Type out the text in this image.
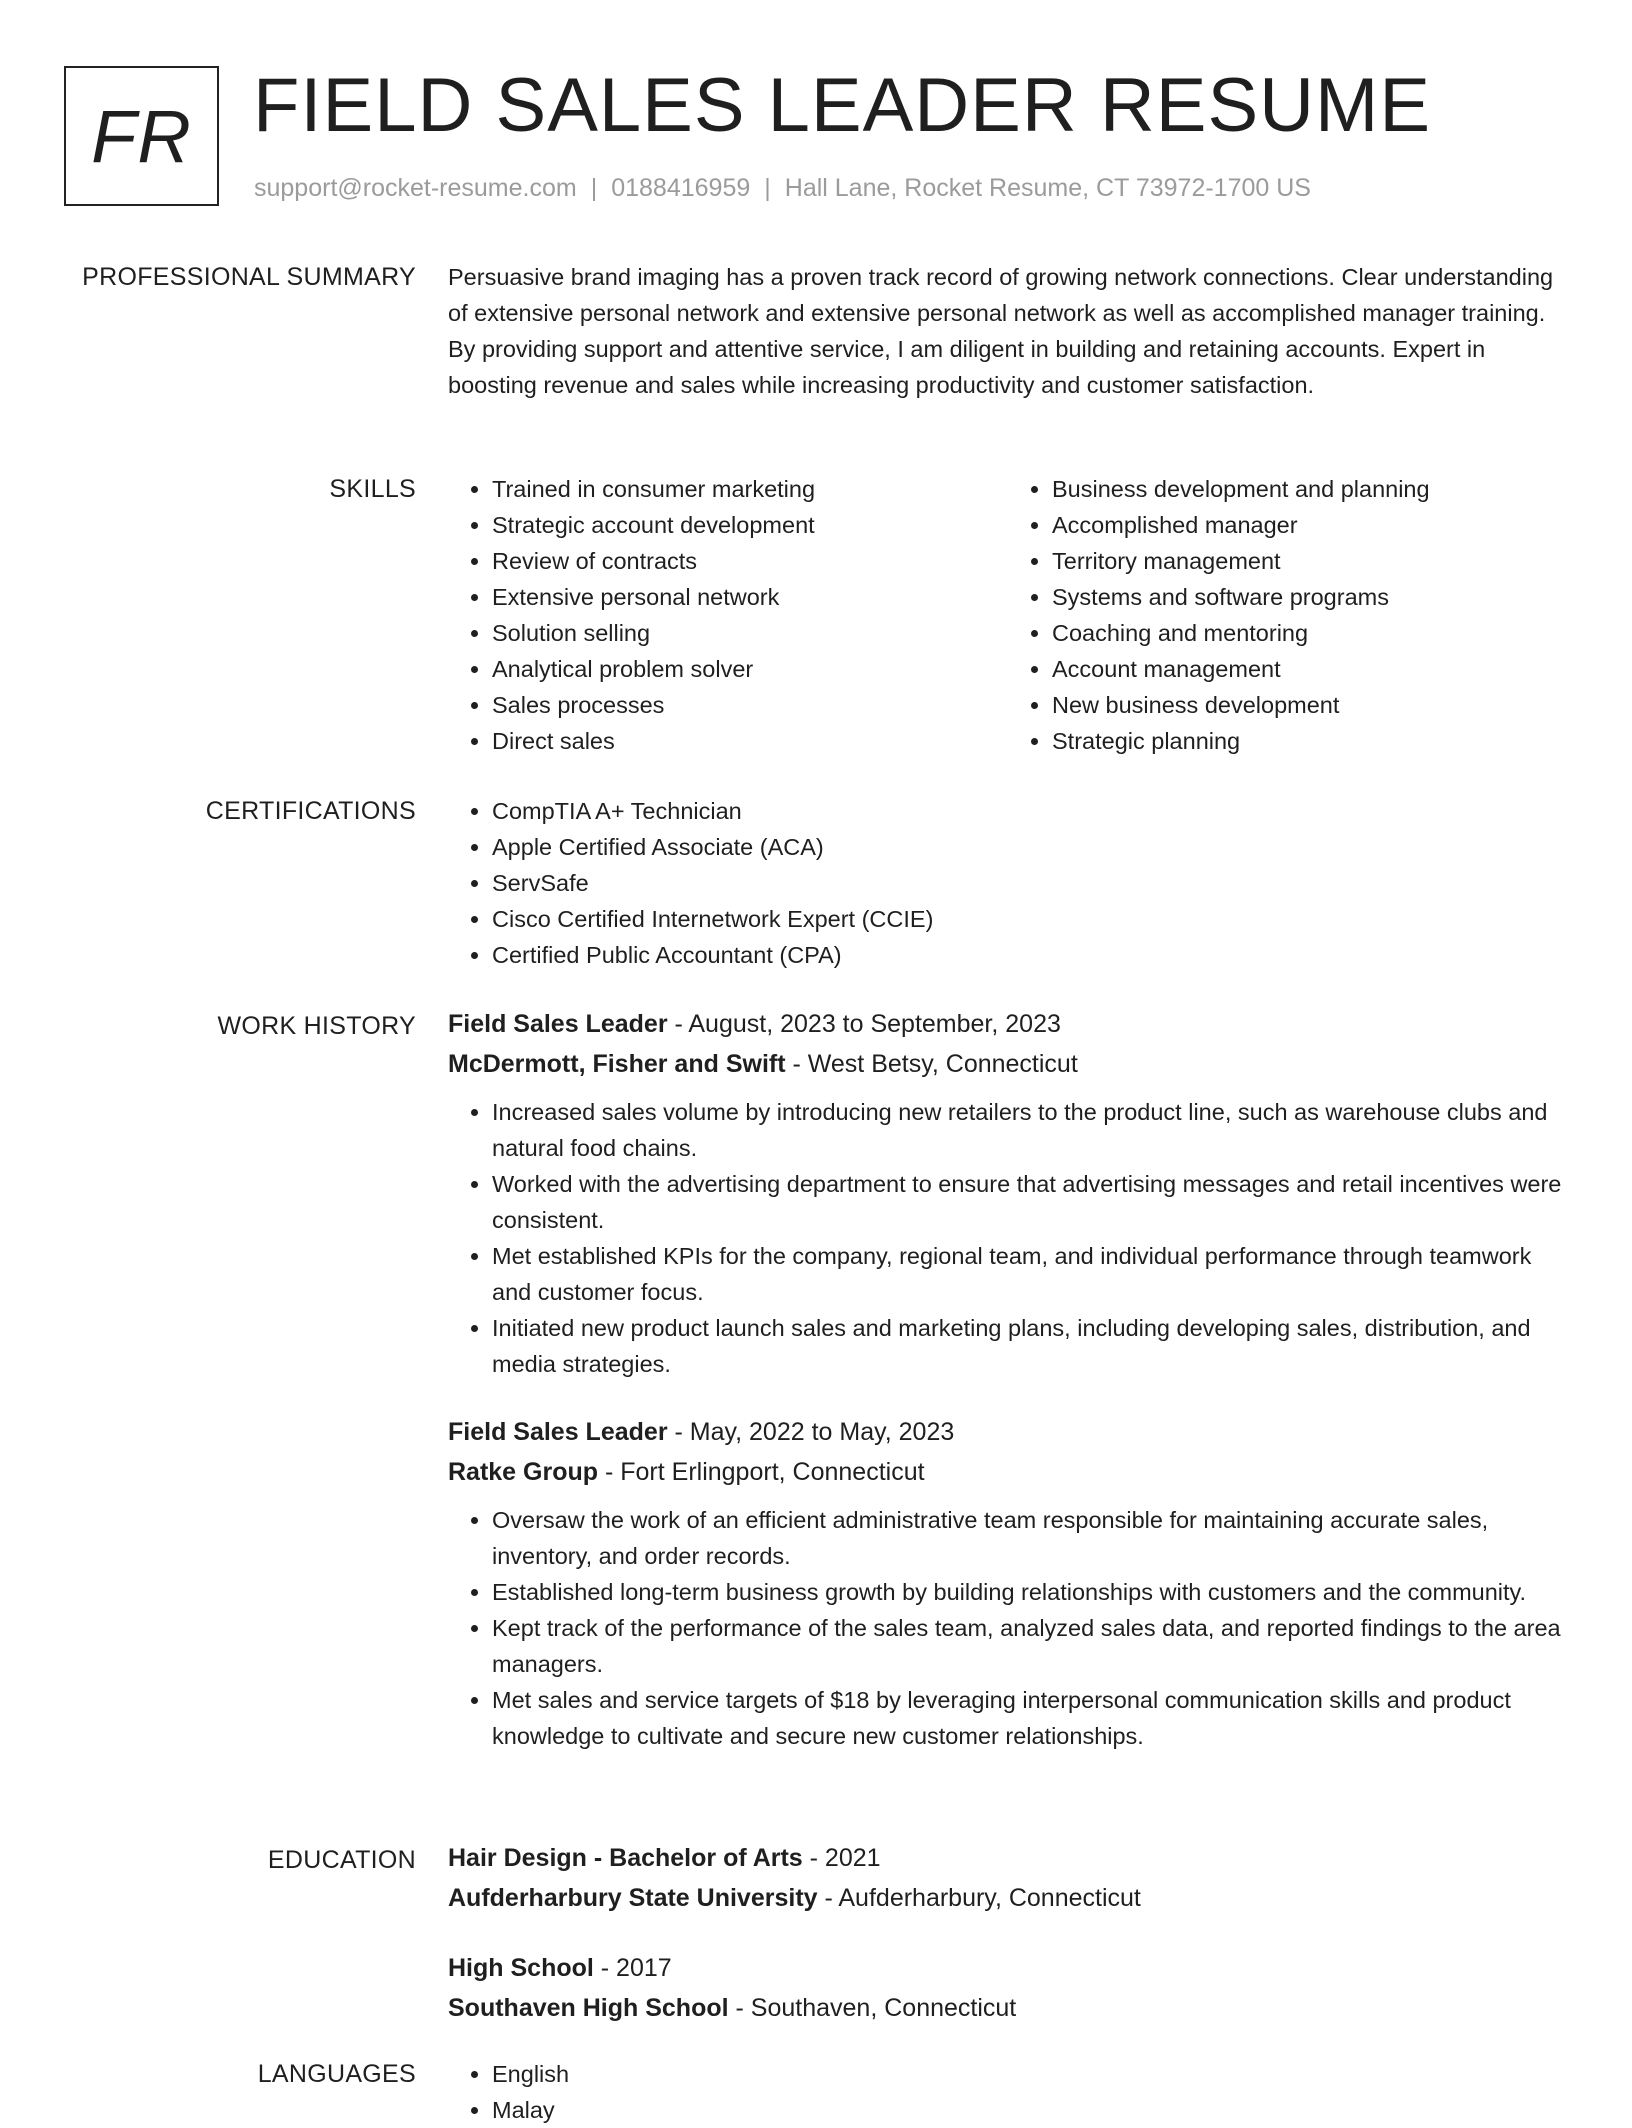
FR FIELD SALES LEADER RESUME
support@rocket-resume.com | 0188416959 | Hall Lane, Rocket Resume, CT 73972-1700 US
PROFESSIONAL SUMMARY Persuasive brand imaging has a proven track record of growing network connections. Clear understanding of extensive personal network and extensive personal network as well as accomplished manager training. By providing support and attentive service, I am diligent in building and retaining accounts. Expert in boosting revenue and sales while increasing productivity and customer satisfaction.

SKILLS	• Trained in consumer marketing
• Strategic account development
• Review of contracts
• Extensive personal network
• Solution selling
• Analytical problem solver
• Sales processes
• Direct sales
• Business development and planning
• Accomplished manager
• Territory management
• Systems and software programs
• Coaching and mentoring
• Account management
• New business development
• Strategic planning
CERTIFICATIONS	• CompTIA A+ Technician
• Apple Certified Associate (ACA)
• ServSafe
• Cisco Certified Internetwork Expert (CCIE)
• Certified Public Accountant (CPA)
WORK HISTORY Field Sales Leader - August, 2023 to September, 2023
McDermott, Fisher and Swift - West Betsy, Connecticut
• Increased sales volume by introducing new retailers to the product line, such as warehouse clubs and natural food chains.
• Worked with the advertising department to ensure that advertising messages and retail incentives were consistent.
• Met established KPIs for the company, regional team, and individual performance through teamwork and customer focus.
• Initiated new product launch sales and marketing plans, including developing sales, distribution, and media strategies.
Field Sales Leader - May, 2022 to May, 2023
Ratke Group - Fort Erlingport, Connecticut
• Oversaw the work of an efficient administrative team responsible for maintaining accurate sales, inventory, and order records.
• Established long-term business growth by building relationships with customers and the community.
• Kept track of the performance of the sales team, analyzed sales data, and reported findings to the area managers.
• Met sales and service targets of $18 by leveraging interpersonal communication skills and product knowledge to cultivate and secure new customer relationships.
EDUCATION Hair Design - Bachelor of Arts - 2021
Aufderharbury State University - Aufderharbury, Connecticut
High School - 2017
Southaven High School - Southaven, Connecticut
LANGUAGES	• English
• Malay
